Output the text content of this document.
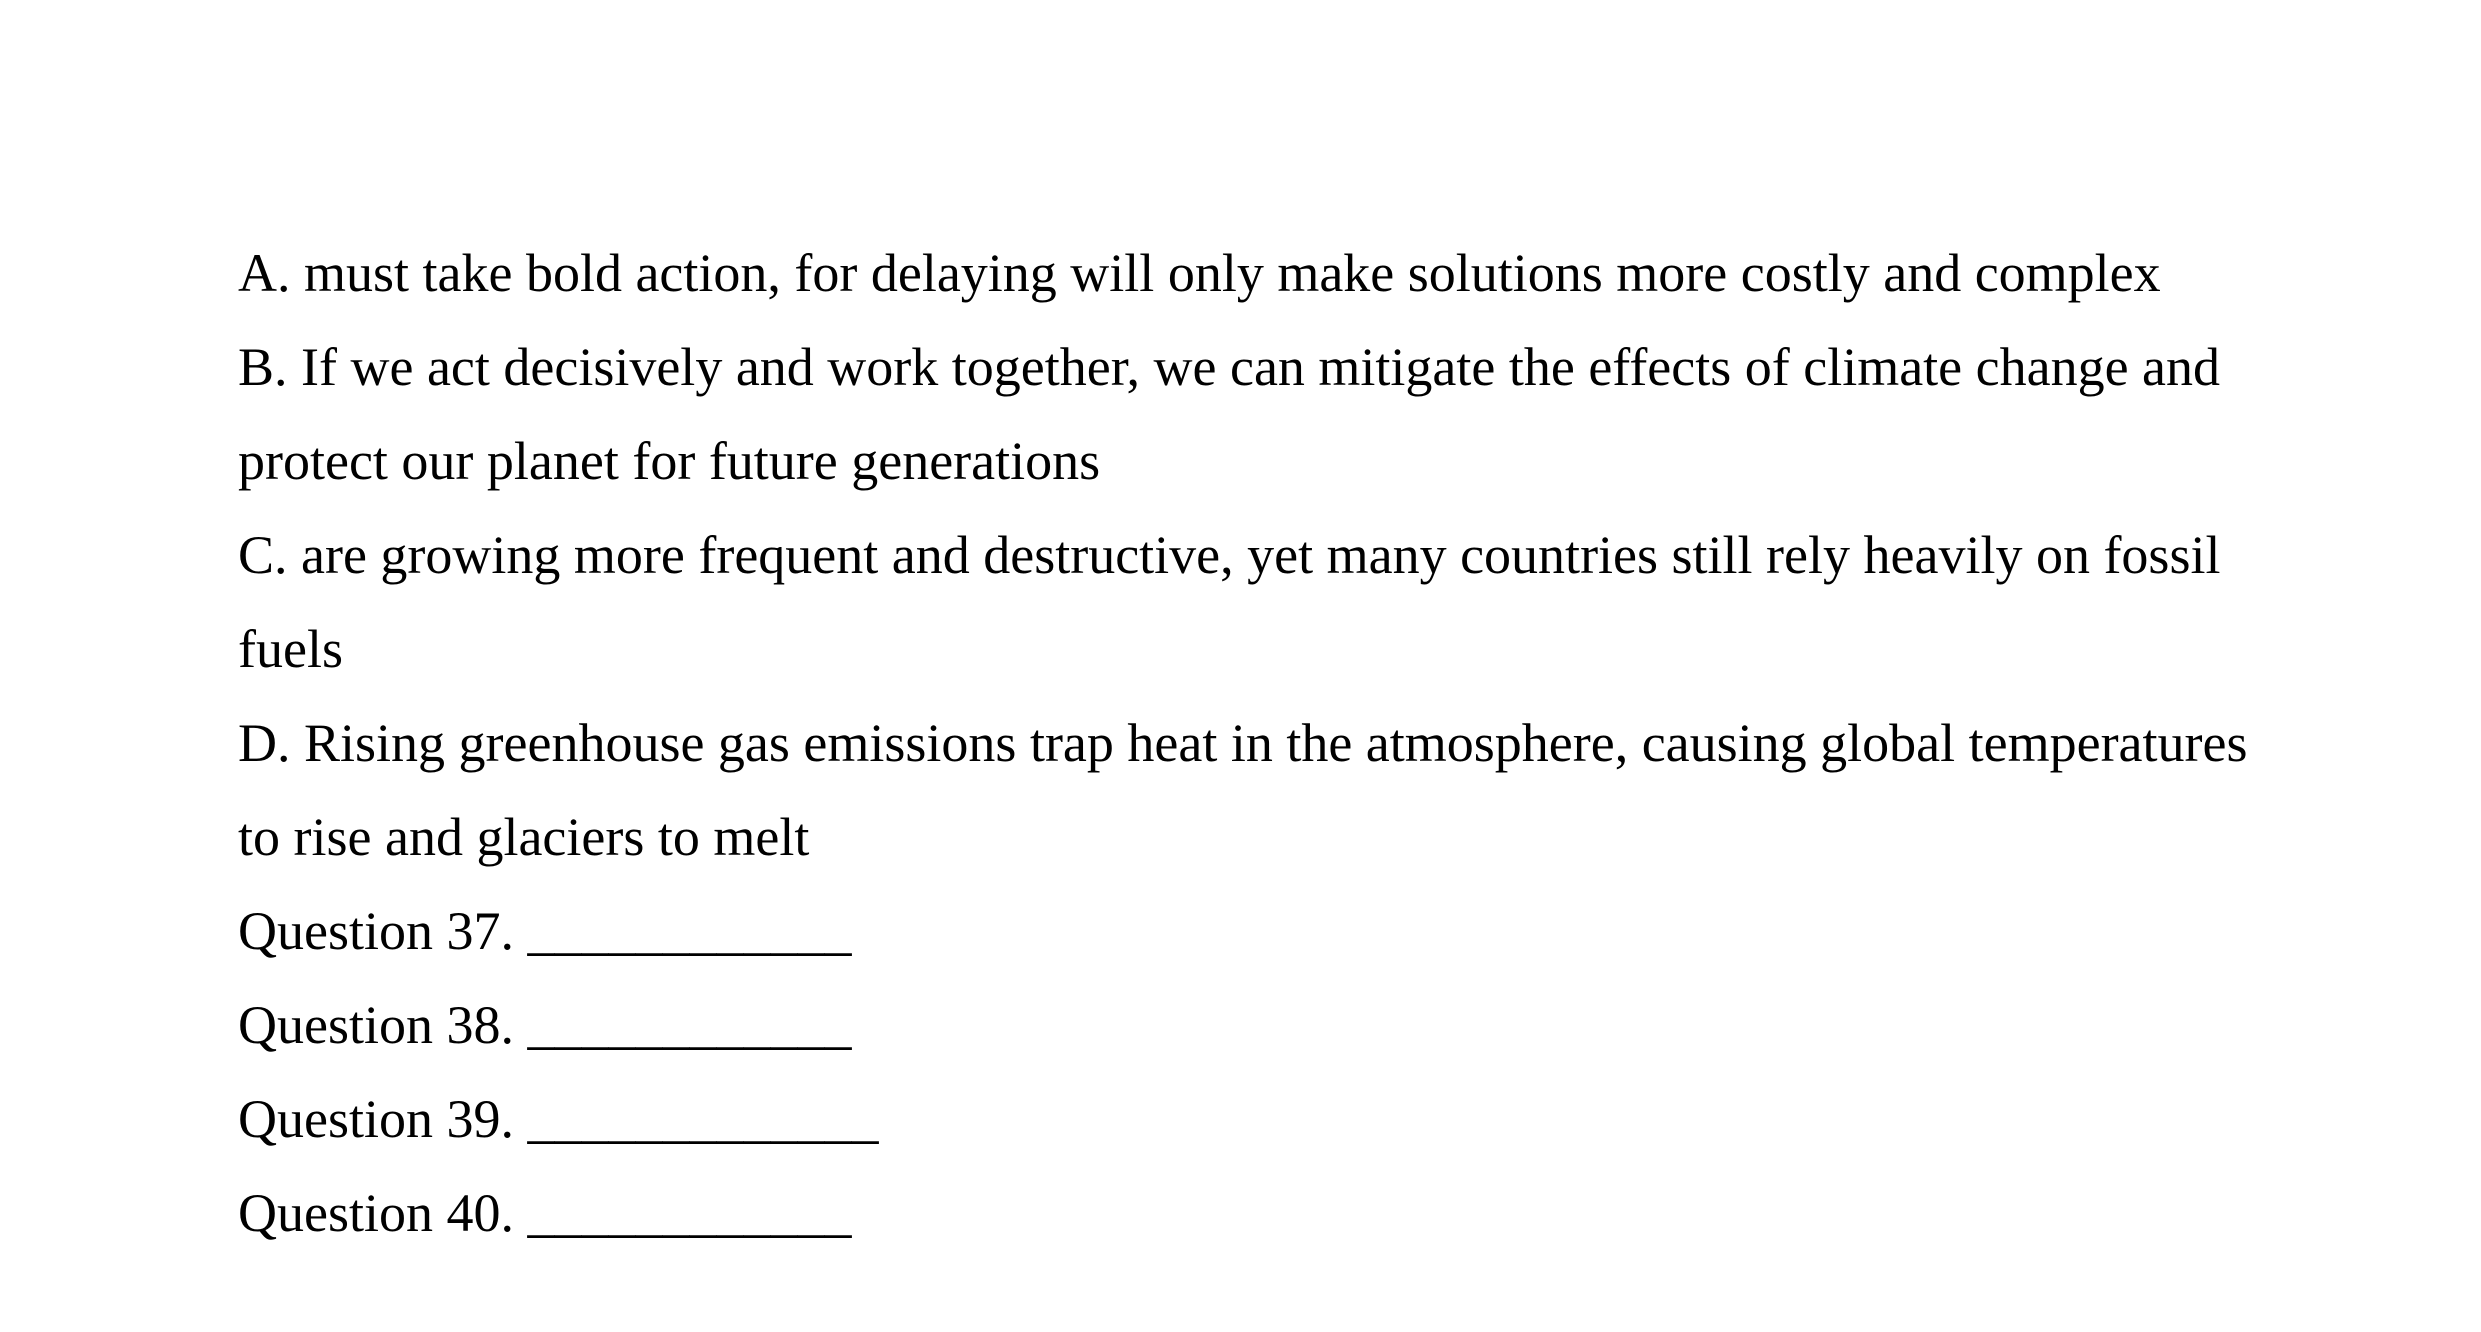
A. must take bold action, for delaying will only make solutions more costly and complex
B. If we act decisively and work together, we can mitigate the effects of climate change and
protect our planet for future generations
C. are growing more frequent and destructive, yet many countries still rely heavily on fossil
fuels
D. Rising greenhouse gas emissions trap heat in the atmosphere, causing global temperatures
to rise and glaciers to melt
Question 37. ____________
Question 38. ____________
Question 39. _____________
Question 40. ____________
